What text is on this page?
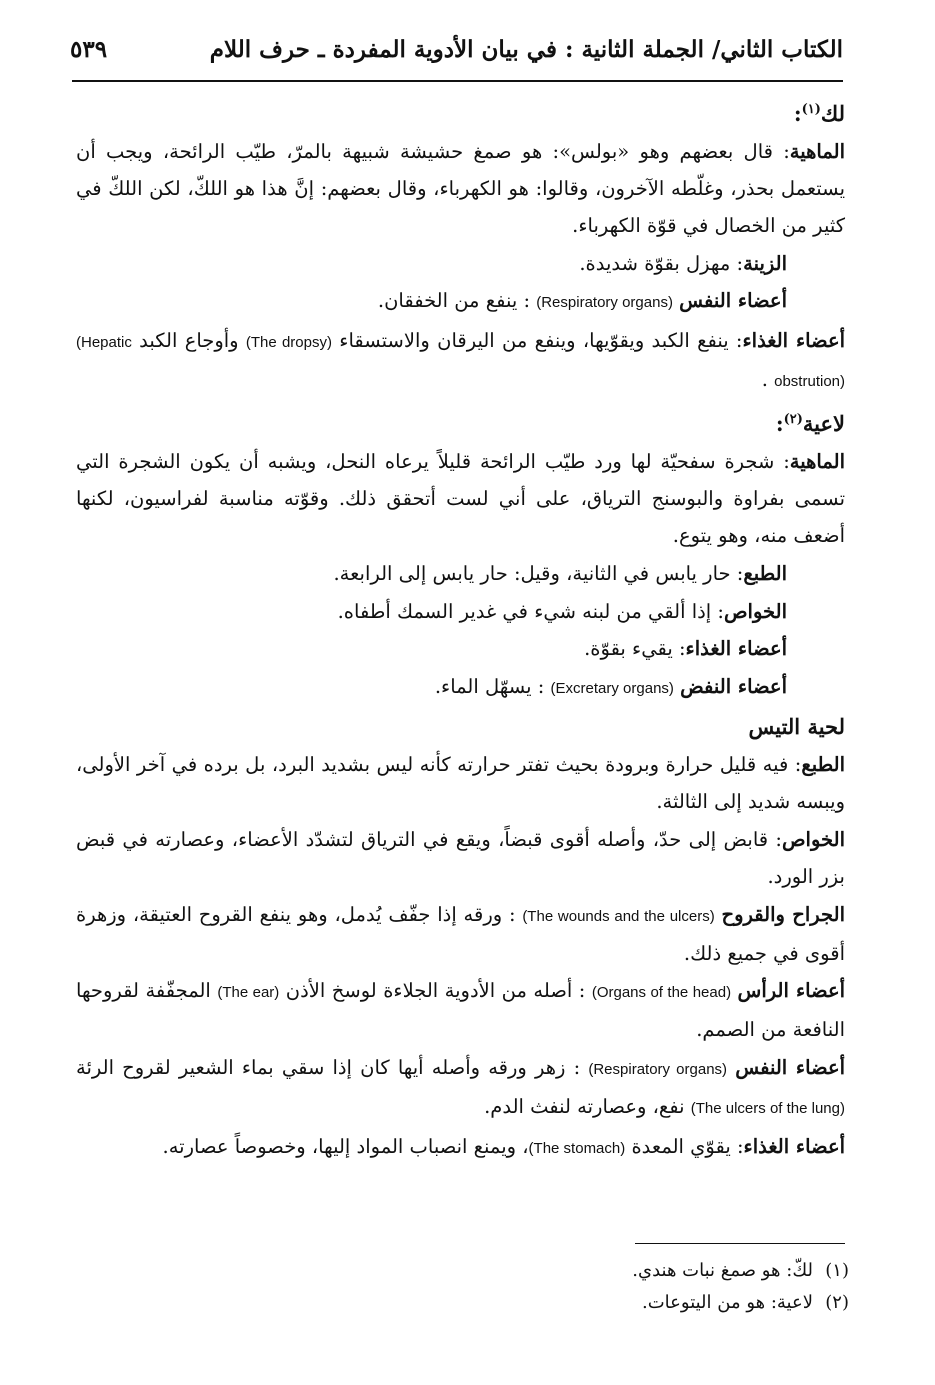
الكتاب الثاني/ الجملة الثانية : في بيان الأدوية المفردة ـ حرف اللام
٥٣٩

لك$^{(١)}$:

الماهية: قال بعضهم وهو «بولس»: هو صمغ حشيشة شبيهة بالمرّ، طيّب الرائحة، ويجب أن يستعمل بحذر، وغلّطه الآخرون، وقالوا: هو الكهرباء، وقال بعضهم: إنَّ هذا هو اللكّ، لكن اللكّ في كثير من الخصال في قوّة الكهرباء.

الزينة: مهزل بقوّة شديدة.

أعضاء النفس (Respiratory organs) : ينفع من الخفقان.

أعضاء الغذاء: ينفع الكبد ويقوّيها، وينفع من اليرقان والاستسقاء (The dropsy) وأوجاع الكبد (Hepatic obstrution) .

لاعية$^{(٢)}$:

الماهية: شجرة سفحيّة لها ورد طيّب الرائحة قليلاً يرعاه النحل، ويشبه أن يكون الشجرة التي تسمى بفراوة والبوسنج الترياق، على أني لست أتحقق ذلك. وقوّته مناسبة لفراسيون، لكنها أضعف منه، وهو يتوع.

الطبع: حار يابس في الثانية، وقيل: حار يابس إلى الرابعة.

الخواص: إذا ألقي من لبنه شيء في غدير السمك أطفاه.

أعضاء الغذاء: يقيء بقوّة.

أعضاء النفض (Excretary organs) : يسهّل الماء.

لحية التيس

الطبع: فيه قليل حرارة وبرودة بحيث تفتر حرارته كأنه ليس بشديد البرد، بل برده في آخر الأولى، ويبسه شديد إلى الثالثة.

الخواص: قابض إلى حدّ، وأصله أقوى قبضاً، ويقع في الترياق لتشدّد الأعضاء، وعصارته في قبض بزر الورد.

الجراح والقروح (The wounds and the ulcers) : ورقه إذا جفّف يُدمل، وهو ينفع القروح العتيقة، وزهرة أقوى في جميع ذلك.

أعضاء الرأس (Organs of the head) : أصله من الأدوية الجلاءة لوسخ الأذن (The ear) المجفّفة لقروحها النافعة من الصمم.

أعضاء النفس (Respiratory organs) : زهر ورقه وأصله أيها كان إذا سقي بماء الشعير لقروح الرئة (The ulcers of the lung) نفع، وعصارته لنفث الدم.

أعضاء الغذاء: يقوّي المعدة (The stomach)، ويمنع انصباب المواد إليها، وخصوصاً عصارته.

(١)لكّ: هو صمغ نبات هندي.
(٢)لاعية: هو من اليتوعات.
